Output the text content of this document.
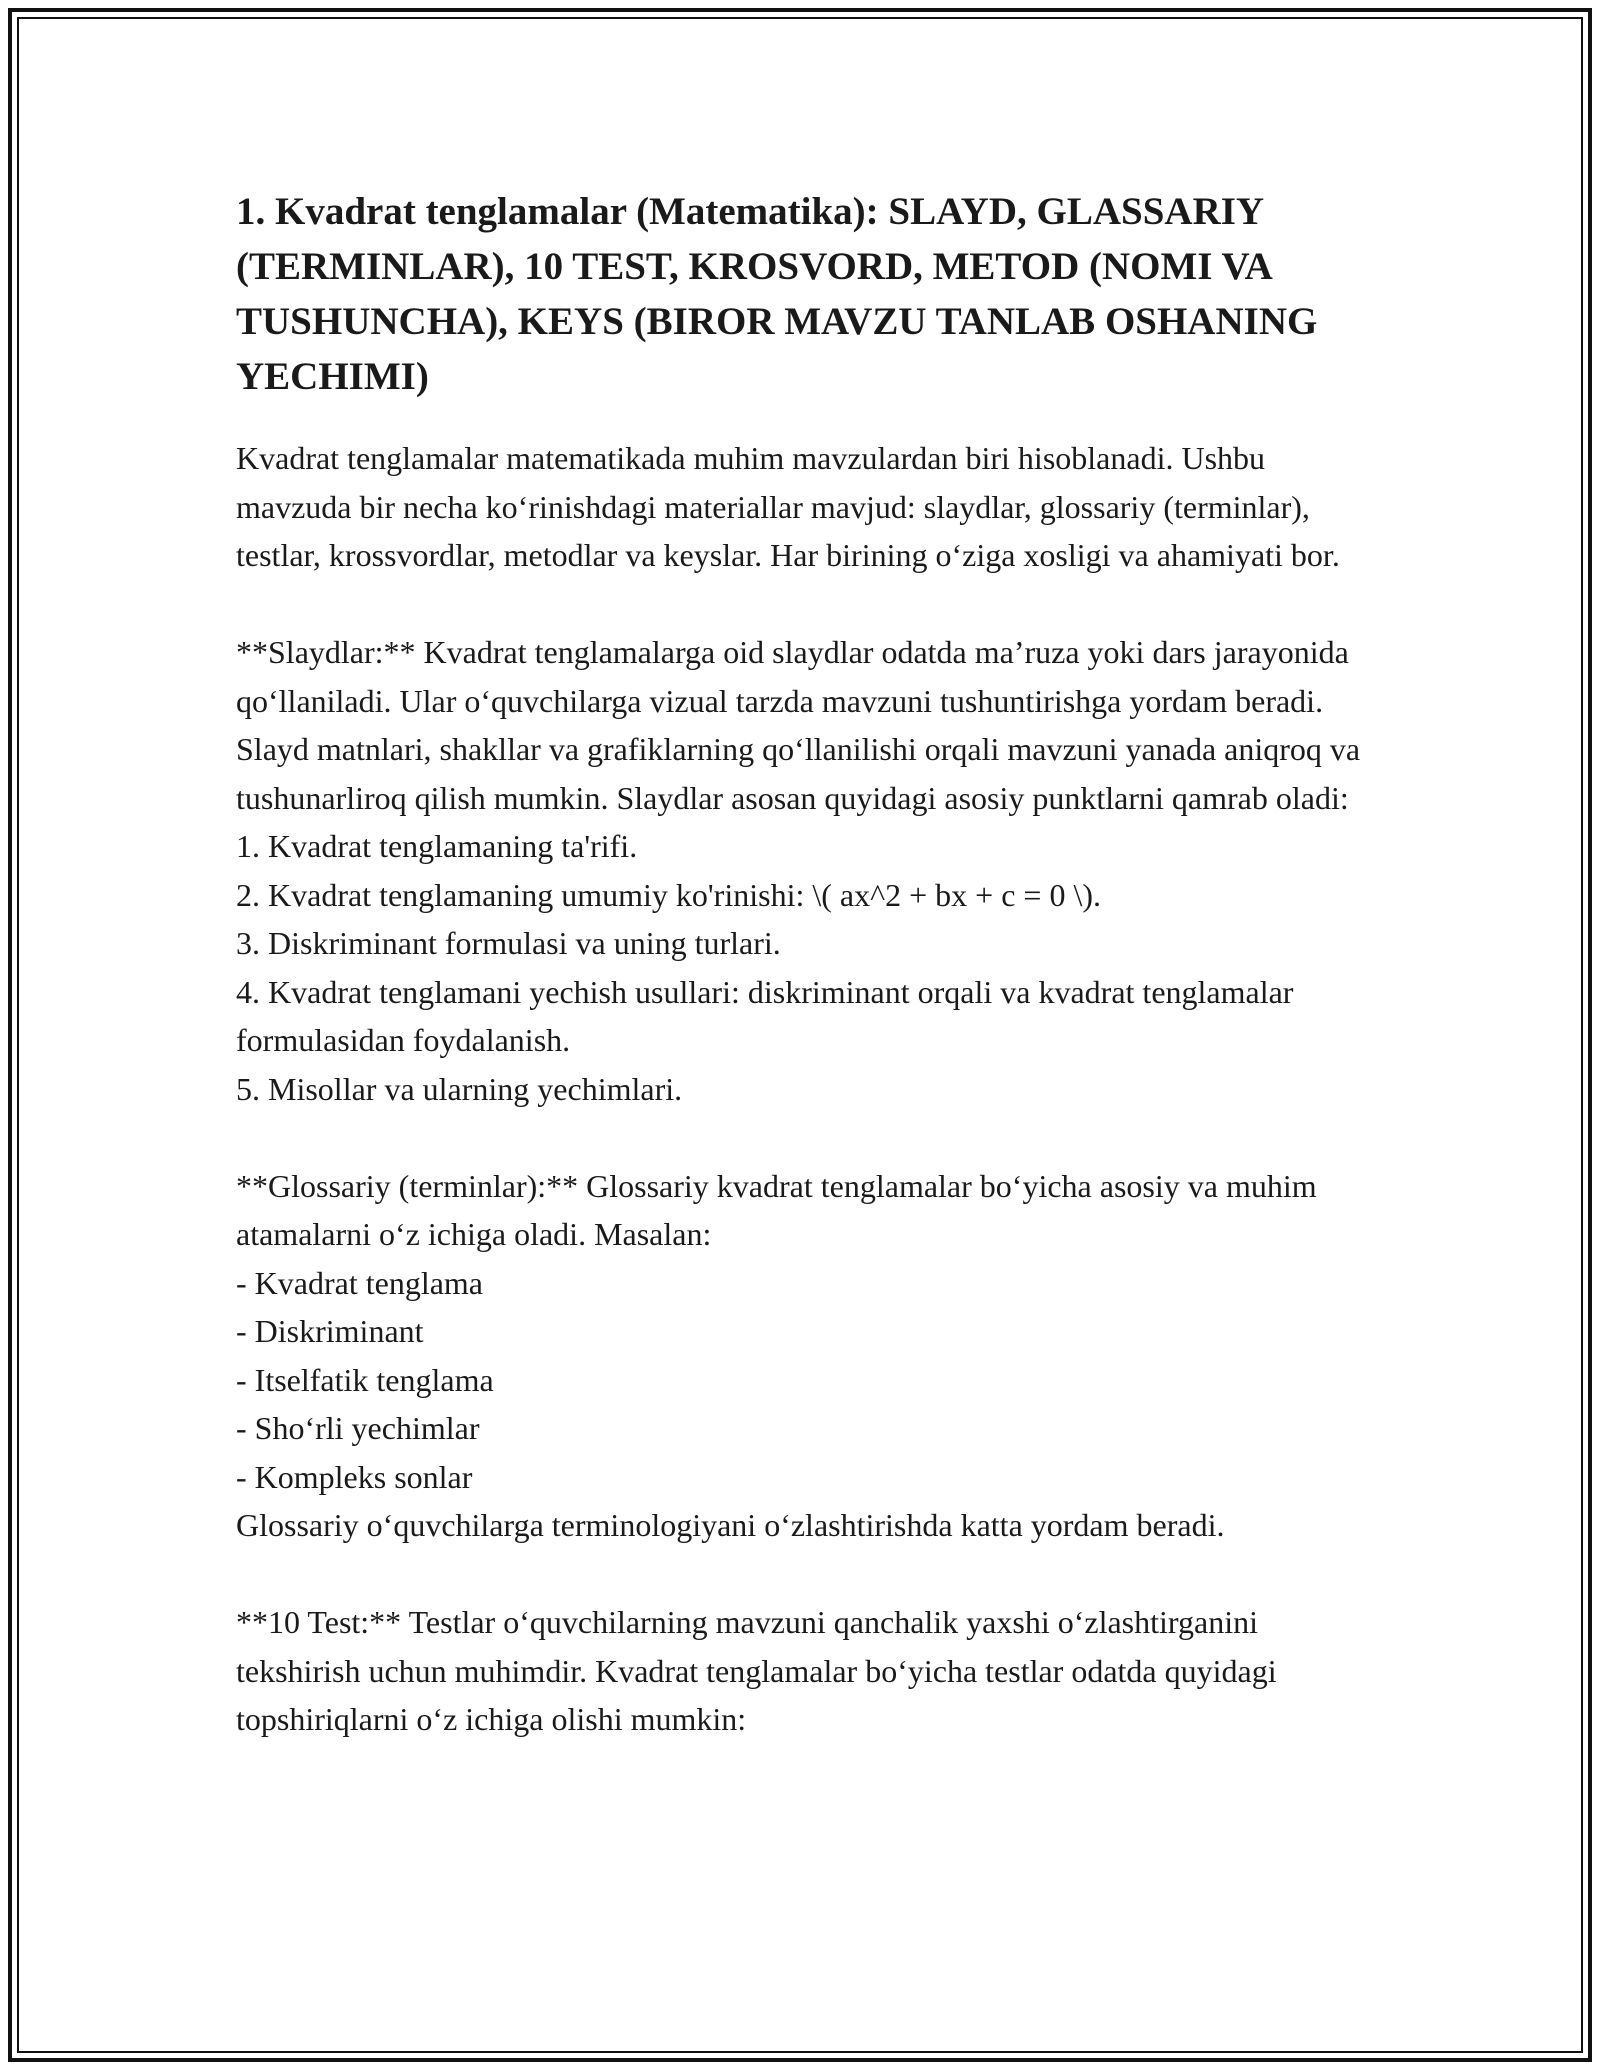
1. Kvadrat tenglamalar (Matematika): SLAYD, GLASSARIY (TERMINLAR), 10 TEST, KROSVORD, METOD (NOMI VA TUSHUNCHA), KEYS (BIROR MAVZU TANLAB OSHANING YECHIMI)

Kvadrat tenglamalar matematikada muhim mavzulardan biri hisoblanadi. Ushbu mavzuda bir necha koʻrinishdagi materiallar mavjud: slaydlar, glossariy (terminlar), testlar, krossvordlar, metodlar va keyslar. Har birining oʻziga xosligi va ahamiyati bor.

**Slaydlar:** Kvadrat tenglamalarga oid slaydlar odatda maʼruza yoki dars jarayonida qoʻllaniladi. Ular oʻquvchilarga vizual tarzda mavzuni tushuntirishga yordam beradi. Slayd matnlari, shakllar va grafiklarning qoʻllanilishi orqali mavzuni yanada aniqroq va tushunarliroq qilish mumkin. Slaydlar asosan quyidagi asosiy punktlarni qamrab oladi:
1. Kvadrat tenglamaning ta'rifi.
2. Kvadrat tenglamaning umumiy ko'rinishi: \( ax^2 + bx + c = 0 \).
3. Diskriminant formulasi va uning turlari.
4. Kvadrat tenglamani yechish usullari: diskriminant orqali va kvadrat tenglamalar formulasidan foydalanish.
5. Misollar va ularning yechimlari.
**Glossariy (terminlar):** Glossariy kvadrat tenglamalar boʻyicha asosiy va muhim atamalarni oʻz ichiga oladi. Masalan:
- Kvadrat tenglama
- Diskriminant
- Itselfatik tenglama
- Shoʻrli yechimlar
- Kompleks sonlar
Glossariy oʻquvchilarga terminologiyani oʻzlashtirishda katta yordam beradi.

**10 Test:** Testlar oʻquvchilarning mavzuni qanchalik yaxshi oʻzlashtirganini tekshirish uchun muhimdir. Kvadrat tenglamalar boʻyicha testlar odatda quyidagi topshiriqlarni oʻz ichiga olishi mumkin:
